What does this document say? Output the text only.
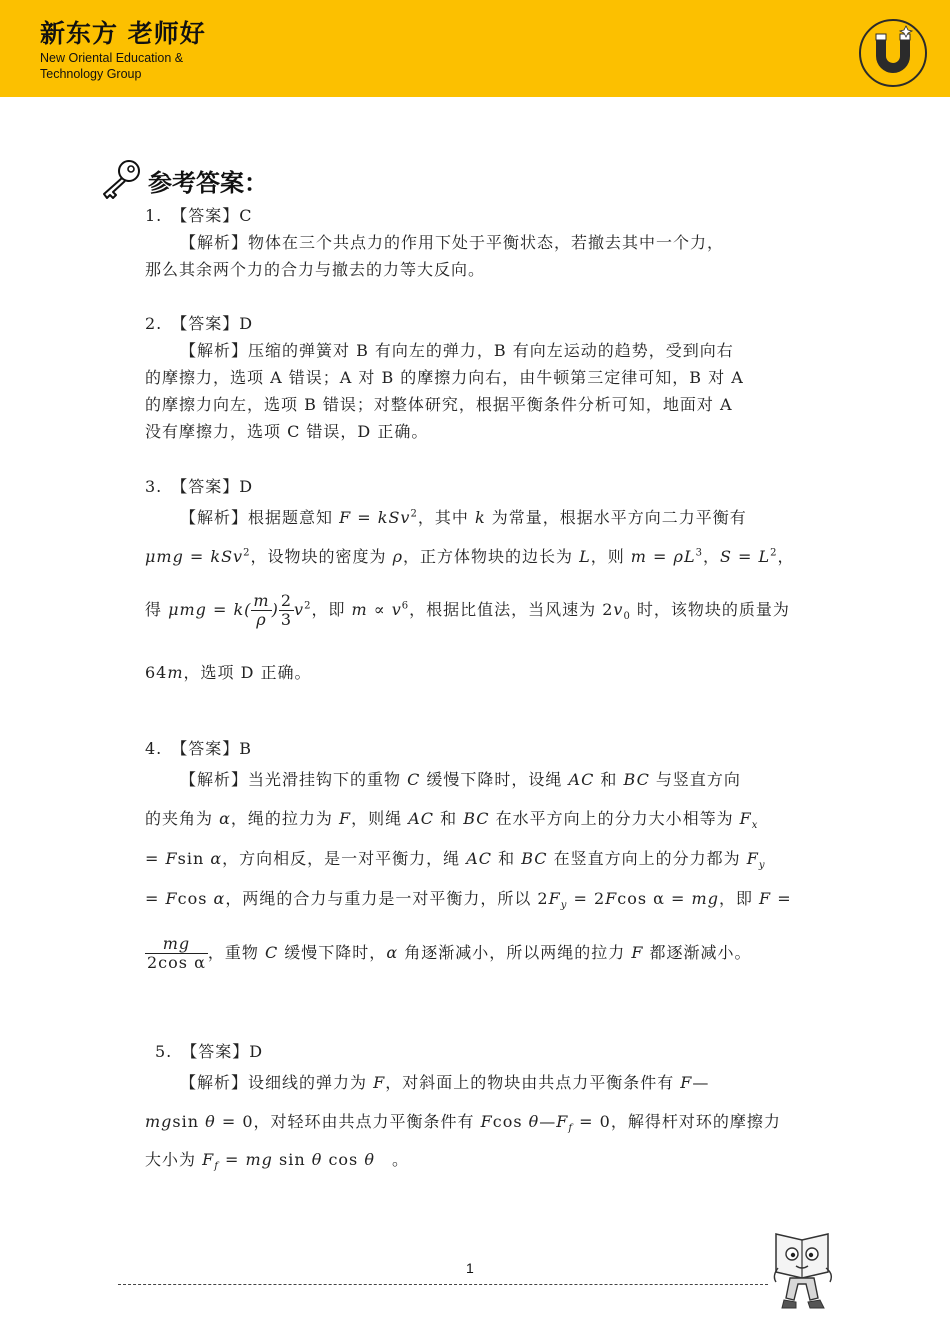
新东方 老师好
New Oriental Education &
Technology Group
参考答案：
1.　【答案】C
【解析】物体在三个共点力的作用下处于平衡状态，若撤去其中一个力，
那么其余两个力的合力与撤去的力等大反向。
2.　【答案】D
【解析】压缩的弹簧对 B 有向左的弹力，B 有向左运动的趋势，受到向右
的摩擦力，选项 A 错误；A 对 B 的摩擦力向右，由牛顿第三定律可知，B 对 A
的摩擦力向左，选项 B 错误；对整体研究，根据平衡条件分析可知，地面对 A
没有摩擦力，选项 C 错误，D 正确。
3.　【答案】D
【解析】根据题意知 F = kSv$^2$，其中 k 为常量，根据水平方向二力平衡有
μmg = kSv$^2$，设物块的密度为 ρ，正方体物块的边长为 L，则 $m = \rho L^3$，$S = L^2$，
得 $\mu mg = k( \frac{m}{\rho}$ ) $\frac{2}{3} v^2$，即 $m \propto v^6$，根据比值法，当风速为 $2v_0$ 时，该物块的质量为
64m，选项 D 正确。
4.　【答案】B
【解析】当光滑挂钩下的重物 C 缓慢下降时，设绳 AC 和 BC 与竖直方向
的夹角为 α，绳的拉力为 F，则绳 AC 和 BC 在水平方向上的分力大小相等为 $F_x$
= Fsin α，方向相反，是一对平衡力，绳 AC 和 BC 在竖直方向上的分力都为 $F_y$
= Fcos α，两绳的合力与重力是一对平衡力，所以 $2F_y = 2Fcos$ α = mg，即 F =
$\frac{mg}{\text{2cos α}}$ ，重物 C 缓慢下降时，α 角逐渐减小，所以两绳的拉力 F 都逐渐减小。
5.　【答案】D
【解析】设细线的弹力为 F，对斜面上的物块由共点力平衡条件有 F—
mgsin θ = 0，对轻环由共点力平衡条件有 Fcos $\theta—F_f = 0$，解得杆对环的摩擦力
大小为 $F_f$ = mg sin θ cos θ　。
1
